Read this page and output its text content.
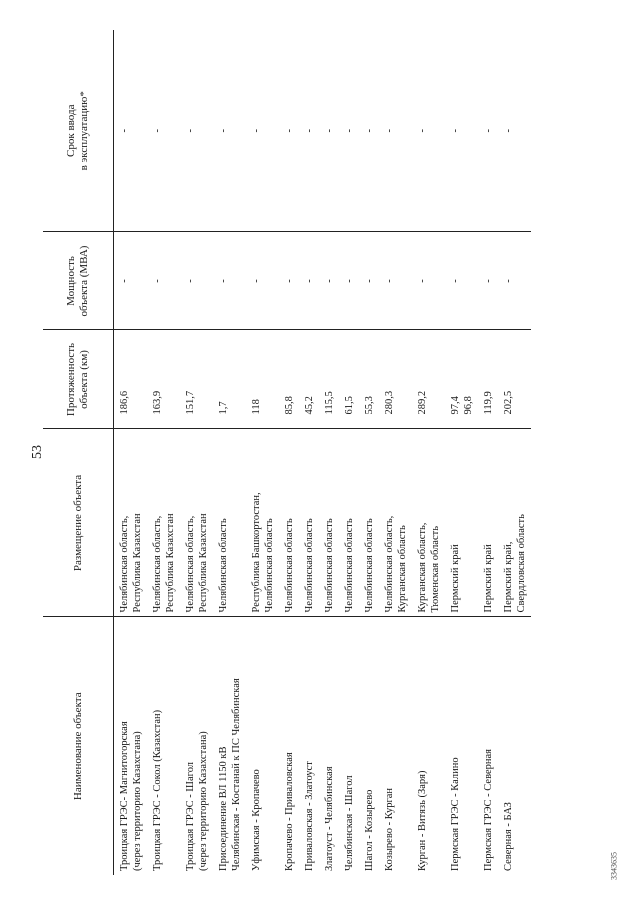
53
3343635
Наименование объекта	Размещение объекта	Протяженность объекта (км)	Мощность объекта (МВА)	Срок ввода в эксплуатацию*

Троицкая ГРЭС- Магнитогорская (через территорию Казахстана)	Челябинская область, Республика Казахстан	186,6	-	-

Троицкая ГРЭС - Сокол (Казахстан)	Челябинская область, Республика Казахстан	163,9	-	-

Троицкая ГРЭС - Шагол (через территорию Казахстана)	Челябинская область, Республика Казахстан	151,7	-	-

Присоединение ВЛ 1150 кВ Челябинская - Костанай к ПС Челябинская	Челябинская область	1,7	-	-

Уфимская - Кропачево	Республика Башкортостан, Челябинская область	118	-	-

Кропачево - Приваловская	Челябинская область	85,8	-	-

Приваловская - Златоуст	Челябинская область	45,2	-	-

Златоуст - Челябинская	Челябинская область	115,5	-	-

Челябинская - Шагол	Челябинская область	61,5	-	-

Шагол - Козырево	Челябинская область	55,3	-	-

Козырево - Курган	Челябинская область, Курганская область	280,3	-	-

Курган - Витязь (Заря)	Курганская область, Тюменская область	289,2	-	-

Пермская ГРЭС - Калино	Пермский край	97,4 96,8	-	-

Пермская ГРЭС - Северная	Пермский край	119,9	-	-

Северная - БАЗ	Пермский край, Свердловская область	202,5	-	-
